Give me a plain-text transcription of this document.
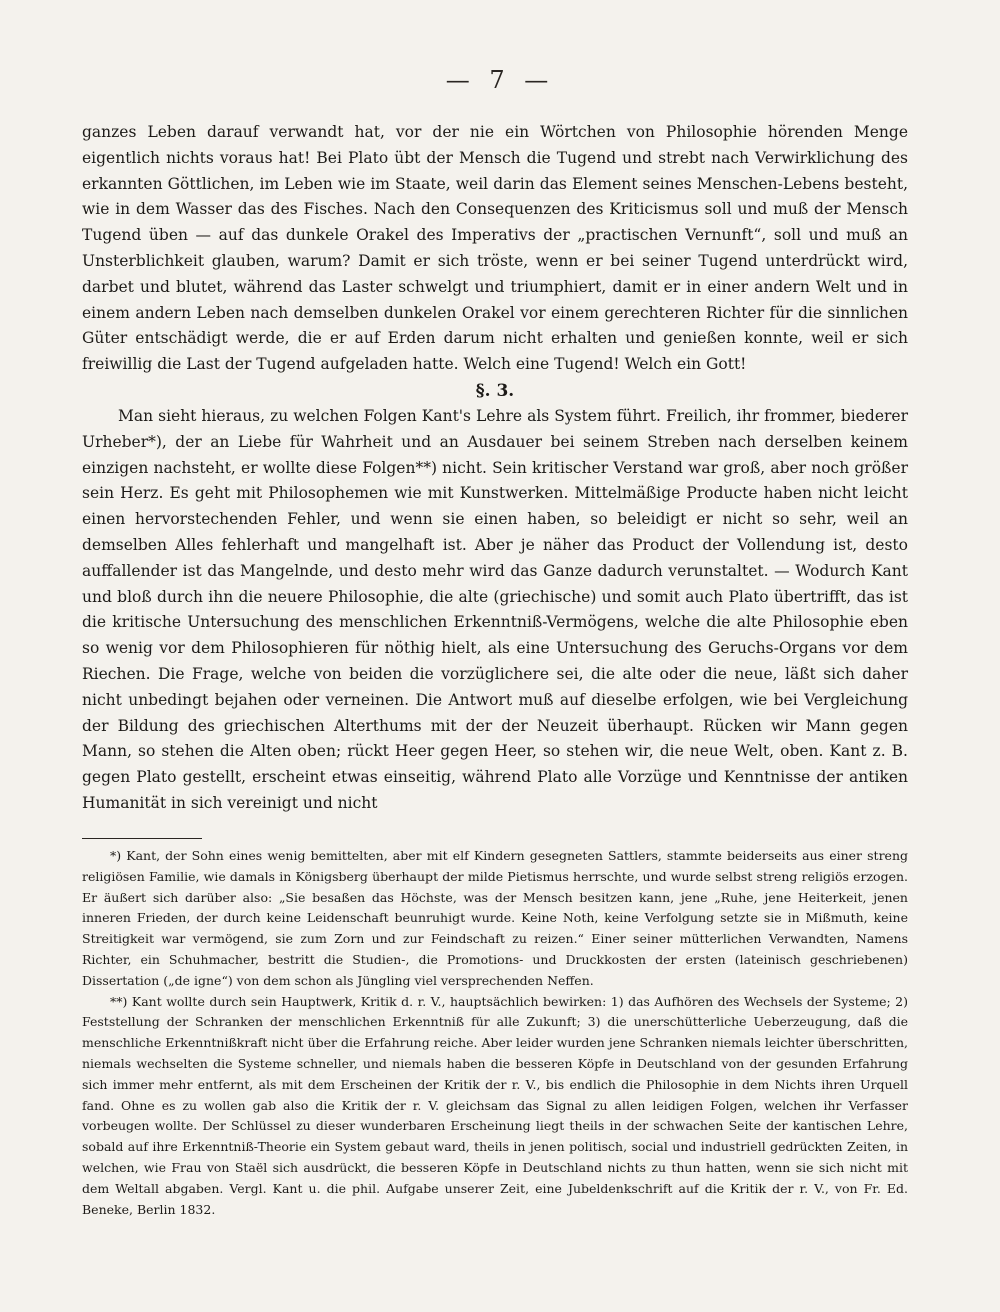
— 7 —

ganzes Leben darauf verwandt hat, vor der nie ein Wörtchen von Philosophie hörenden Menge eigentlich nichts voraus hat! Bei Plato übt der Mensch die Tugend und strebt nach Verwirklichung des erkannten Göttlichen, im Leben wie im Staate, weil darin das Element seines Menschen-Lebens besteht, wie in dem Wasser das des Fisches. Nach den Consequenzen des Kriticismus soll und muß der Mensch Tugend üben — auf das dunkele Orakel des Imperativs der „practischen Vernunft“, soll und muß an Unsterblichkeit glauben, warum? Damit er sich tröste, wenn er bei seiner Tugend unterdrückt wird, darbet und blutet, während das Laster schwelgt und triumphiert, damit er in einer andern Welt und in einem andern Leben nach demselben dunkelen Orakel vor einem gerechteren Richter für die sinnlichen Güter entschädigt werde, die er auf Erden darum nicht erhalten und genießen konnte, weil er sich freiwillig die Last der Tugend aufgeladen hatte. Welch eine Tugend! Welch ein Gott!

§. 3.

Man sieht hieraus, zu welchen Folgen Kant's Lehre als System führt. Freilich, ihr frommer, biederer Urheber*), der an Liebe für Wahrheit und an Ausdauer bei seinem Streben nach derselben keinem einzigen nachsteht, er wollte diese Folgen**) nicht. Sein kritischer Verstand war groß, aber noch größer sein Herz. Es geht mit Philosophemen wie mit Kunstwerken. Mittelmäßige Producte haben nicht leicht einen hervorstechenden Fehler, und wenn sie einen haben, so beleidigt er nicht so sehr, weil an demselben Alles fehlerhaft und mangelhaft ist. Aber je näher das Product der Vollendung ist, desto auffallender ist das Mangelnde, und desto mehr wird das Ganze dadurch verunstaltet. — Wodurch Kant und bloß durch ihn die neuere Philosophie, die alte (griechische) und somit auch Plato übertrifft, das ist die kritische Untersuchung des menschlichen Erkenntniß-Vermögens, welche die alte Philosophie eben so wenig vor dem Philosophieren für nöthig hielt, als eine Untersuchung des Geruchs-Organs vor dem Riechen. Die Frage, welche von beiden die vorzüglichere sei, die alte oder die neue, läßt sich daher nicht unbedingt bejahen oder verneinen. Die Antwort muß auf dieselbe erfolgen, wie bei Vergleichung der Bildung des griechischen Alterthums mit der der Neuzeit überhaupt. Rücken wir Mann gegen Mann, so stehen die Alten oben; rückt Heer gegen Heer, so stehen wir, die neue Welt, oben. Kant z. B. gegen Plato gestellt, erscheint etwas einseitig, während Plato alle Vorzüge und Kenntnisse der antiken Humanität in sich vereinigt und nicht

*) Kant, der Sohn eines wenig bemittelten, aber mit elf Kindern gesegneten Sattlers, stammte beiderseits aus einer streng religiösen Familie, wie damals in Königsberg überhaupt der milde Pietismus herrschte, und wurde selbst streng religiös erzogen. Er äußert sich darüber also: „Sie besaßen das Höchste, was der Mensch besitzen kann, jene „Ruhe, jene Heiterkeit, jenen inneren Frieden, der durch keine Leidenschaft beunruhigt wurde. Keine Noth, keine Verfolgung setzte sie in Mißmuth, keine Streitigkeit war vermögend, sie zum Zorn und zur Feindschaft zu reizen.“ Einer seiner mütterlichen Verwandten, Namens Richter, ein Schuhmacher, bestritt die Studien-, die Promotions- und Druckkosten der ersten (lateinisch geschriebenen) Dissertation („de igne“) von dem schon als Jüngling viel versprechenden Neffen.

**) Kant wollte durch sein Hauptwerk, Kritik d. r. V., hauptsächlich bewirken: 1) das Aufhören des Wechsels der Systeme; 2) Feststellung der Schranken der menschlichen Erkenntniß für alle Zukunft; 3) die unerschütterliche Ueberzeugung, daß die menschliche Erkenntnißkraft nicht über die Erfahrung reiche. Aber leider wurden jene Schranken niemals leichter überschritten, niemals wechselten die Systeme schneller, und niemals haben die besseren Köpfe in Deutschland von der gesunden Erfahrung sich immer mehr entfernt, als mit dem Erscheinen der Kritik der r. V., bis endlich die Philosophie in dem Nichts ihren Urquell fand. Ohne es zu wollen gab also die Kritik der r. V. gleichsam das Signal zu allen leidigen Folgen, welchen ihr Verfasser vorbeugen wollte. Der Schlüssel zu dieser wunderbaren Erscheinung liegt theils in der schwachen Seite der kantischen Lehre, sobald auf ihre Erkenntniß-Theorie ein System gebaut ward, theils in jenen politisch, social und industriell gedrückten Zeiten, in welchen, wie Frau von Staël sich ausdrückt, die besseren Köpfe in Deutschland nichts zu thun hatten, wenn sie sich nicht mit dem Weltall abgaben. Vergl. Kant u. die phil. Aufgabe unserer Zeit, eine Jubeldenkschrift auf die Kritik der r. V., von Fr. Ed. Beneke, Berlin 1832.
